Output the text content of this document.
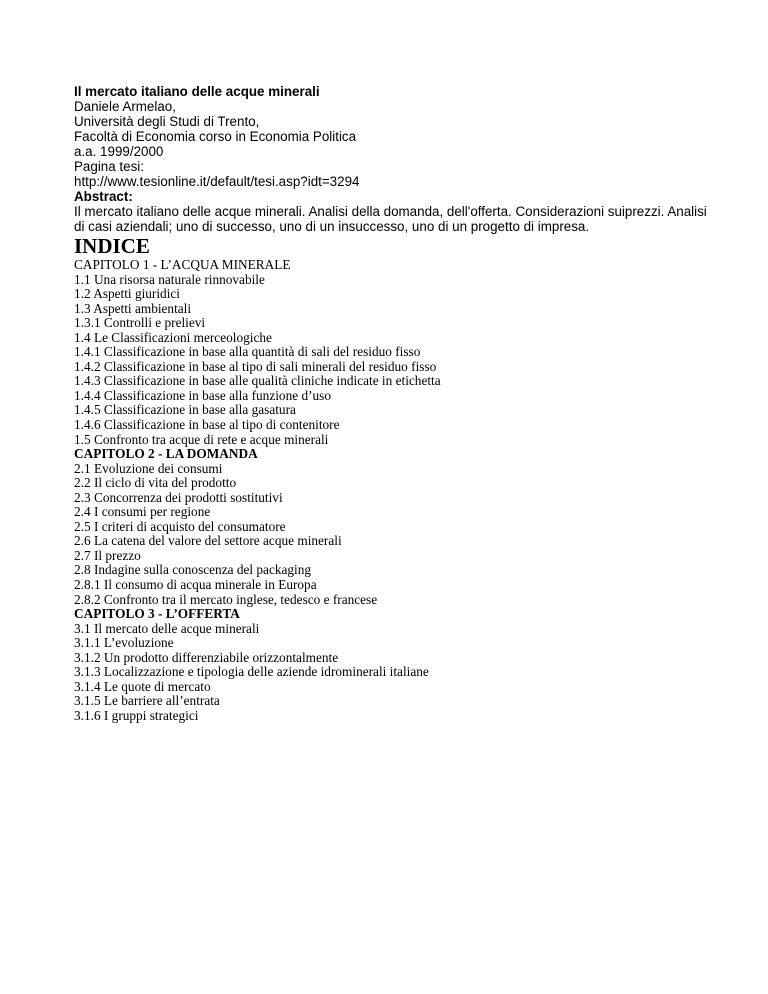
Il mercato italiano delle acque minerali

Daniele Armelao,

Università degli Studi di Trento,

Facoltà di Economia corso in Economia Politica

a.a. 1999/2000

Pagina tesi:

http://www.tesionline.it/default/tesi.asp?idt=3294

Abstract:

Il mercato italiano delle acque minerali. Analisi della domanda, dell'offerta. Considerazioni suiprezzi. Analisi di casi aziendali; uno di successo, uno di un insuccesso, uno di un progetto di impresa.

INDICE

CAPITOLO 1 - L’ACQUA MINERALE

1.1 Una risorsa naturale rinnovabile

1.2 Aspetti giuridici

1.3 Aspetti ambientali

1.3.1 Controlli e prelievi

1.4 Le Classificazioni merceologiche

1.4.1 Classificazione in base alla quantità di sali del residuo fisso

1.4.2 Classificazione in base al tipo di sali minerali del residuo fisso

1.4.3 Classificazione in base alle qualità cliniche indicate in etichetta

1.4.4 Classificazione in base alla funzione d’uso

1.4.5 Classificazione in base alla gasatura

1.4.6 Classificazione in base al tipo di contenitore

1.5 Confronto tra acque di rete e acque minerali

CAPITOLO 2 - LA DOMANDA

2.1 Evoluzione dei consumi

2.2 Il ciclo di vita del prodotto

2.3 Concorrenza dei prodotti sostitutivi

2.4 I consumi per regione

2.5 I criteri di acquisto del consumatore

2.6 La catena del valore del settore acque minerali

2.7 Il prezzo

2.8 Indagine sulla conoscenza del packaging

2.8.1 Il consumo di acqua minerale in Europa

2.8.2 Confronto tra il mercato inglese, tedesco e francese

CAPITOLO 3 - L’OFFERTA

3.1 Il mercato delle acque minerali

3.1.1 L’evoluzione

3.1.2 Un prodotto differenziabile orizzontalmente

3.1.3 Localizzazione e tipologia delle aziende idrominerali italiane

3.1.4 Le quote di mercato

3.1.5 Le barriere all’entrata

3.1.6 I gruppi strategici
